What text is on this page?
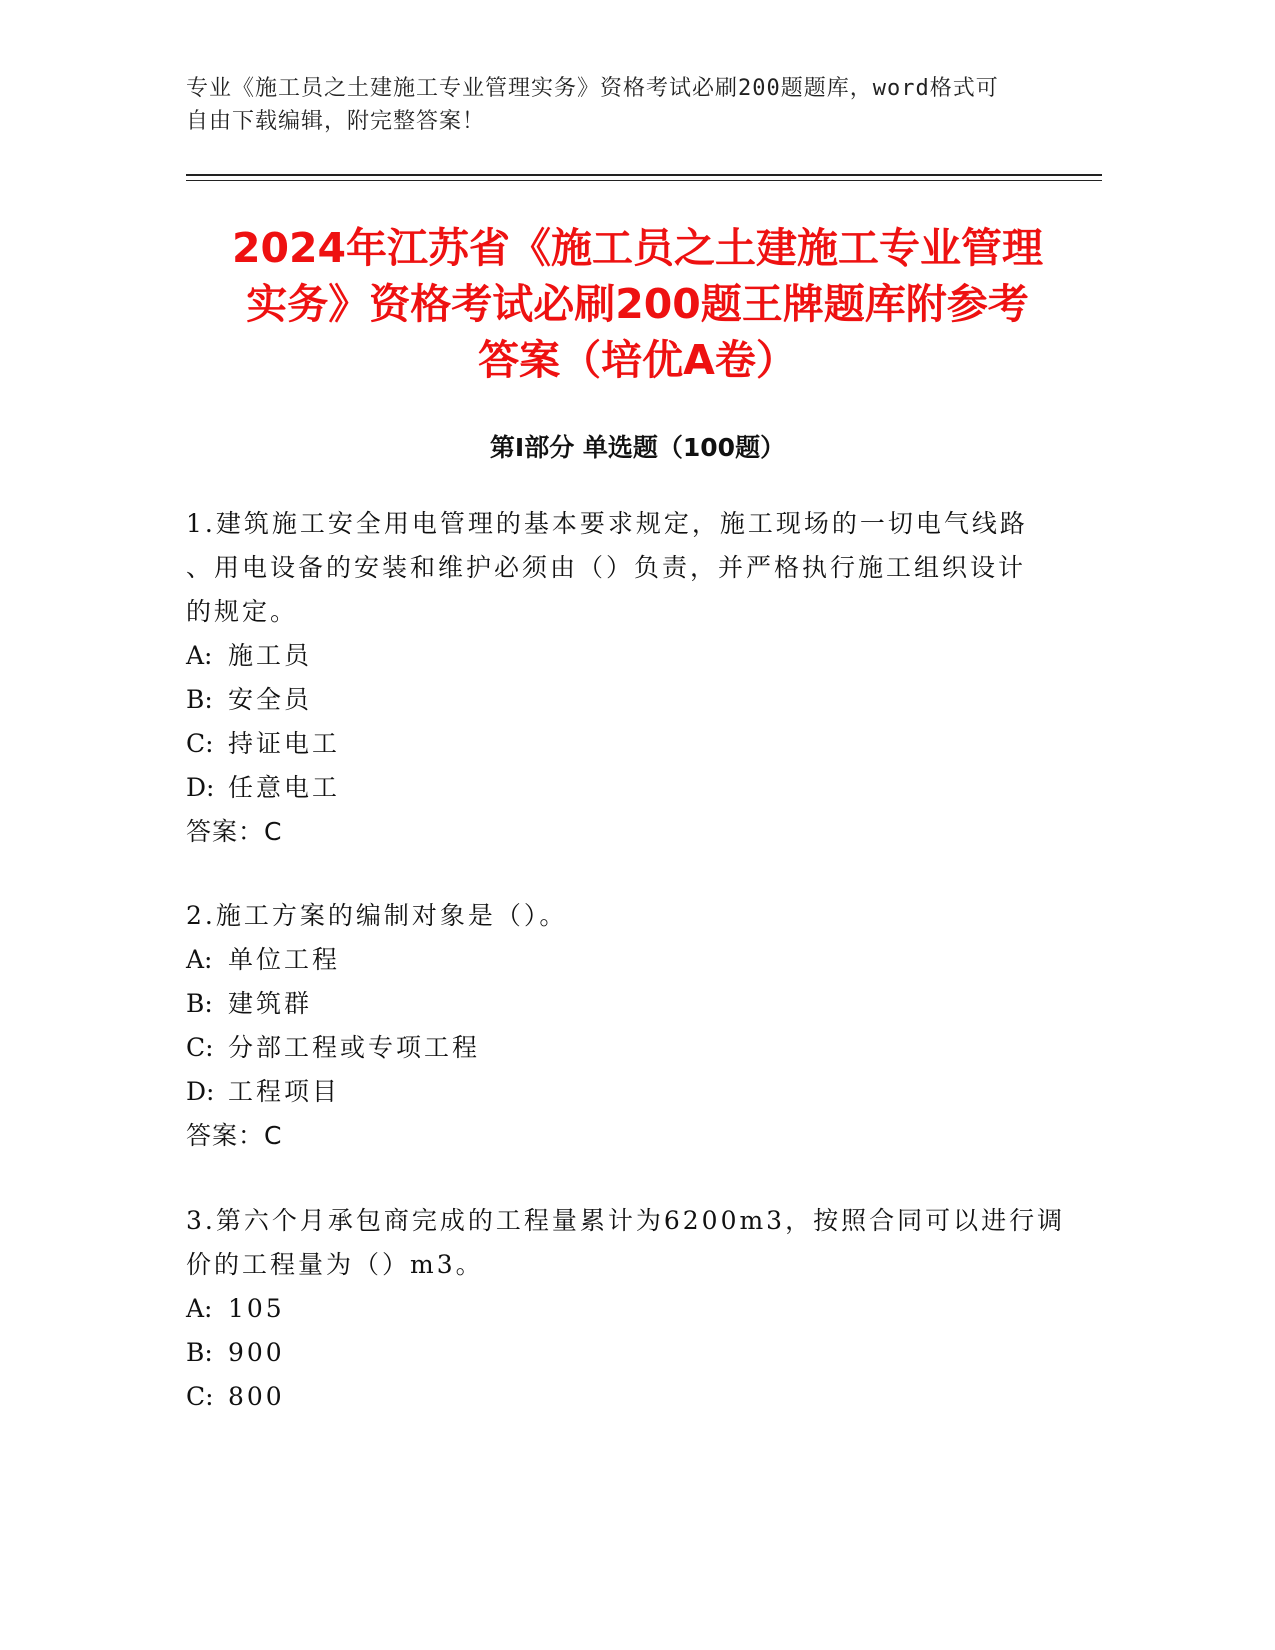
专业《施工员之土建施工专业管理实务》资格考试必刷200题题库，word格式可
自由下载编辑，附完整答案！
2024年江苏省《施工员之土建施工专业管理
实务》资格考试必刷200题王牌题库附参考
答案（培优A卷）
第Ⅰ部分 单选题（100题）
1.建筑施工安全用电管理的基本要求规定，施工现场的一切电气线路
、用电设备的安装和维护必须由（）负责，并严格执行施工组织设计
的规定。
A: 施工员
B: 安全员
C: 持证电工
D: 任意电工
答案：C
2.施工方案的编制对象是（）。
A: 单位工程
B: 建筑群
C: 分部工程或专项工程
D: 工程项目
答案：C
3.第六个月承包商完成的工程量累计为6200m3，按照合同可以进行调
价的工程量为（）m3。
A: 105
B: 900
C: 800
